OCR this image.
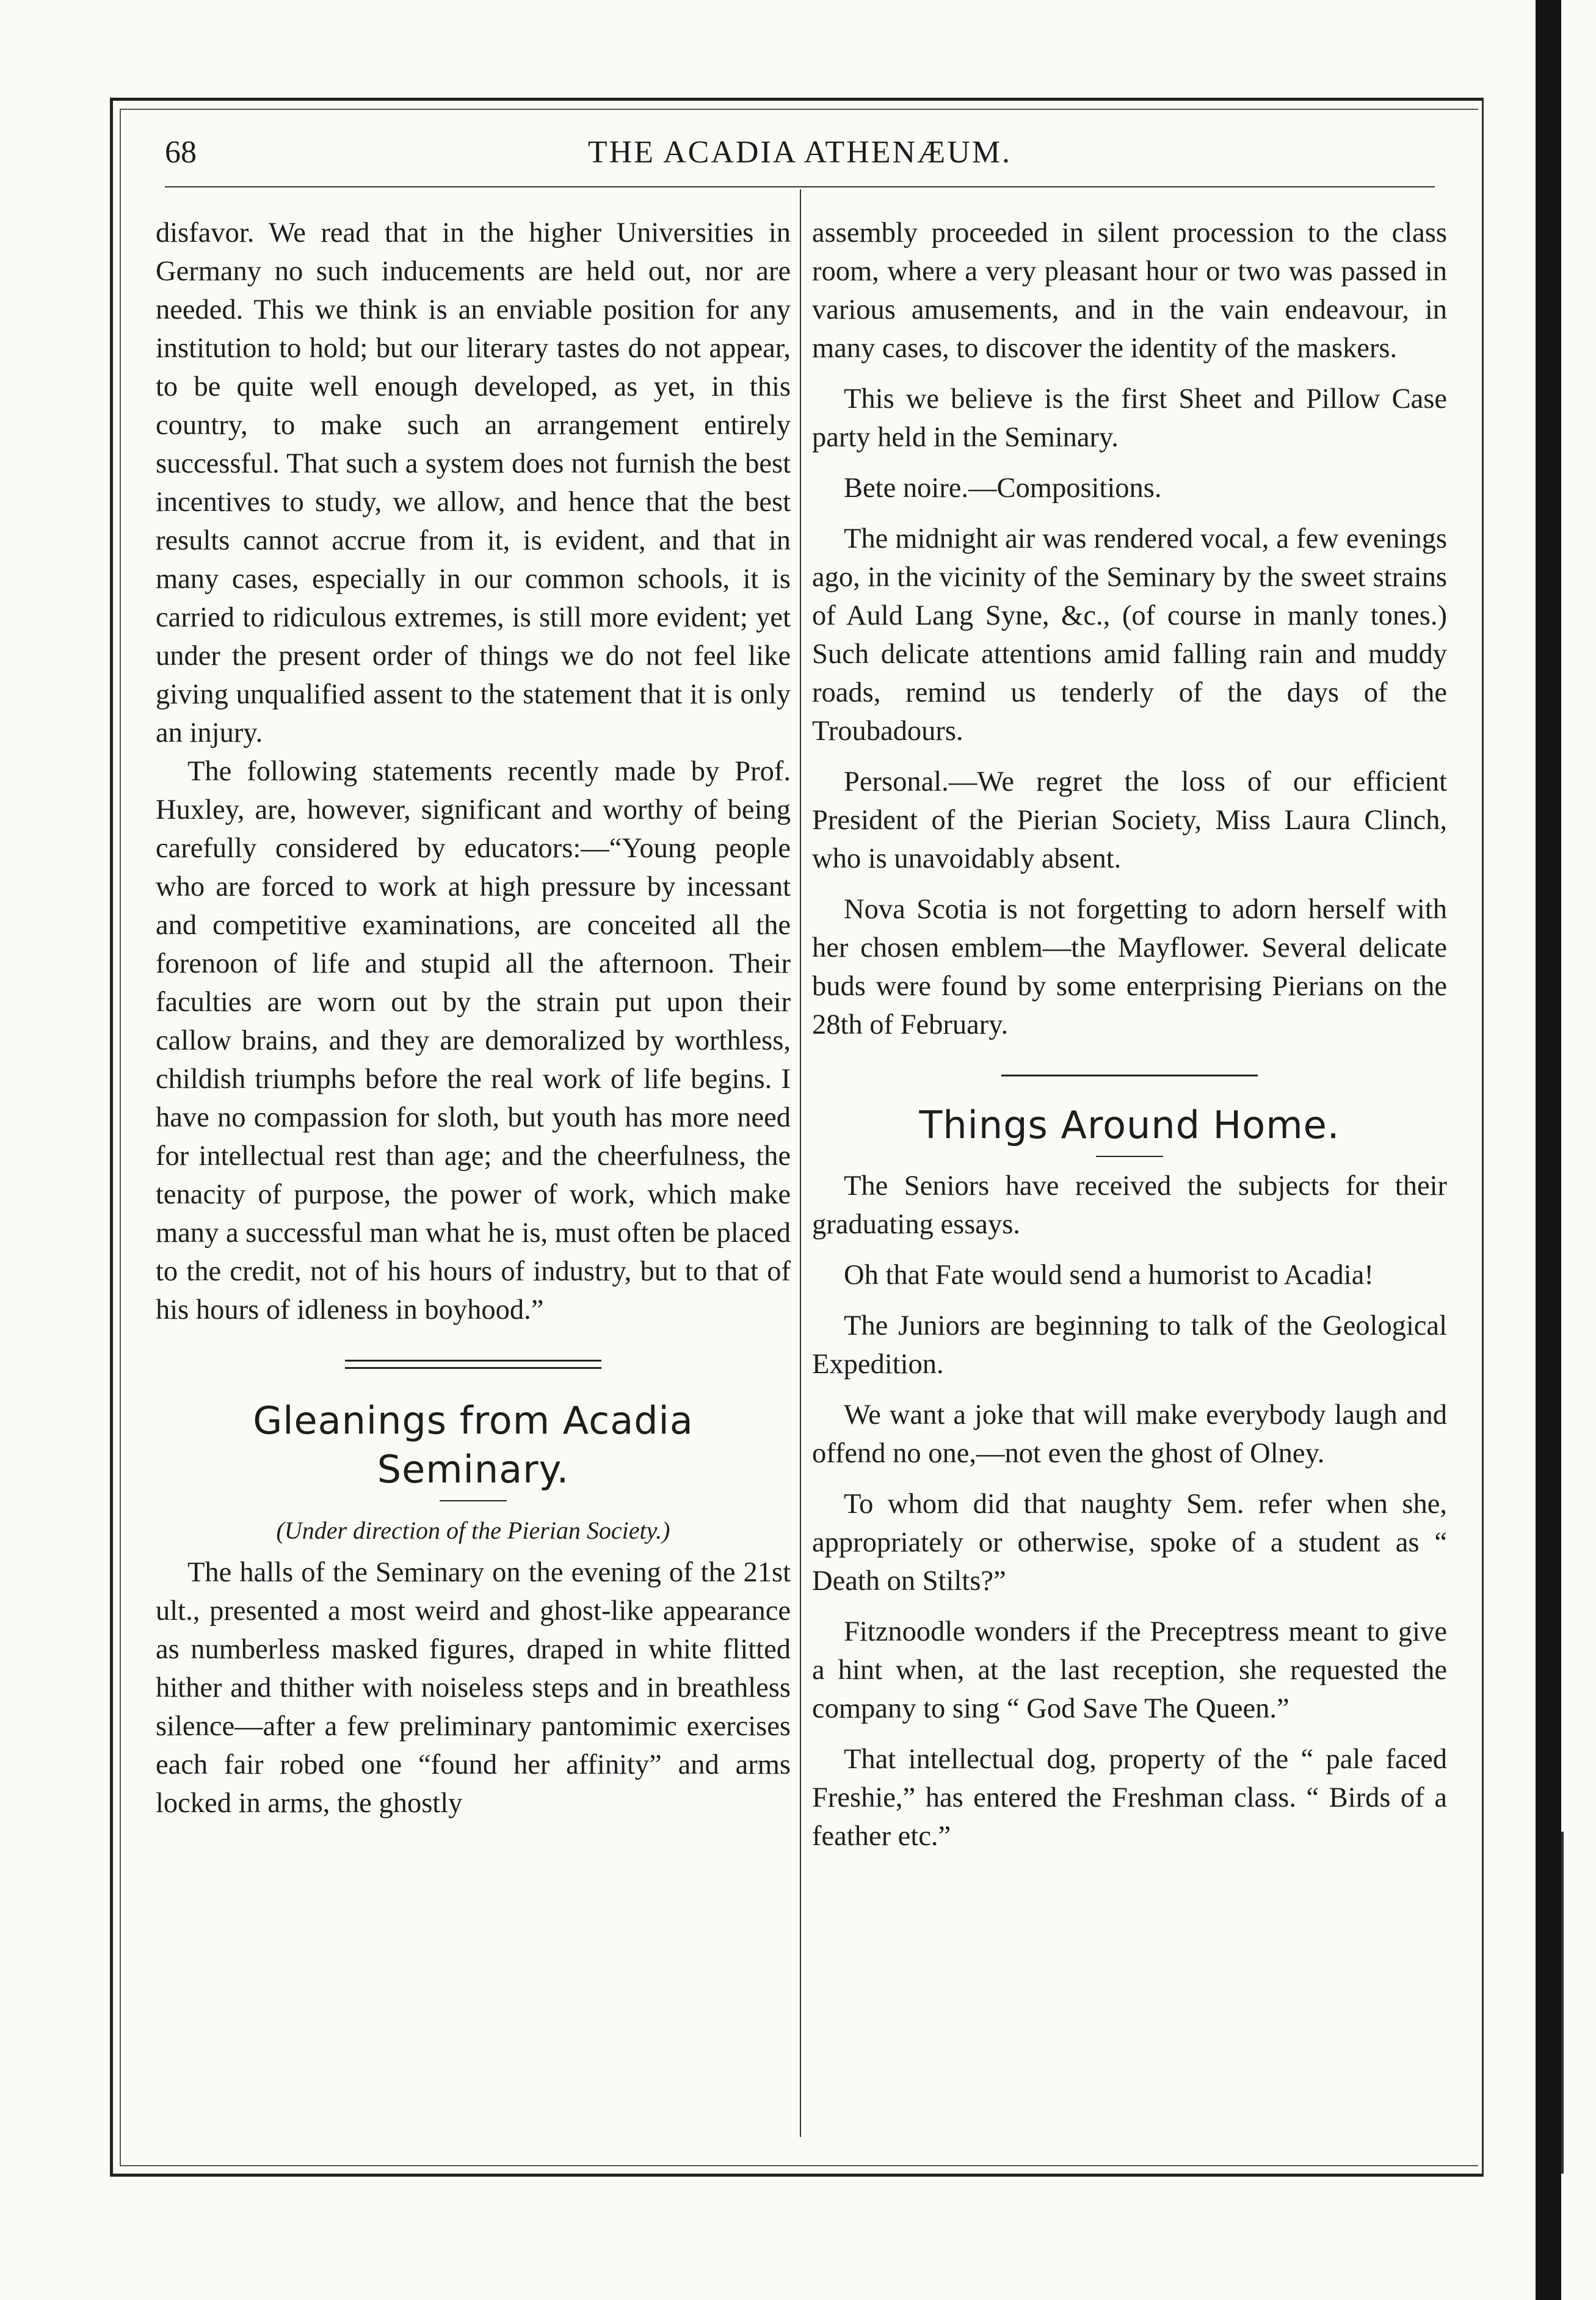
68	THE ACADIA ATHENÆUM.

disfavor. We read that in the higher Universities in Germany no such inducements are held out, nor are needed. This we think is an enviable position for any institution to hold; but our literary tastes do not appear, to be quite well enough developed, as yet, in this country, to make such an arrangement entirely successful. That such a system does not furnish the best incentives to study, we allow, and hence that the best results cannot accrue from it, is evident, and that in many cases, especially in our common schools, it is carried to ridiculous extremes, is still more evident; yet under the present order of things we do not feel like giving unqualified assent to the statement that it is only an injury.

The following statements recently made by Prof. Huxley, are, however, significant and worthy of being carefully considered by educators:—“Young people who are forced to work at high pressure by incessant and competitive examinations, are conceited all the forenoon of life and stupid all the afternoon. Their faculties are worn out by the strain put upon their callow brains, and they are demoralized by worthless, childish triumphs before the real work of life begins. I have no compassion for sloth, but youth has more need for intellectual rest than age; and the cheerfulness, the tenacity of purpose, the power of work, which make many a successful man what he is, must often be placed to the credit, not of his hours of industry, but to that of his hours of idleness in boyhood.”

Gleanings from Acadia Seminary.
(Under direction of the Pierian Society.)

The halls of the Seminary on the evening of the 21st ult., presented a most weird and ghost-like appearance as numberless masked figures, draped in white flitted hither and thither with noiseless steps and in breathless silence—after a few preliminary pantomimic exercises each fair robed one “found her affinity” and arms locked in arms, the ghostly

assembly proceeded in silent procession to the class room, where a very pleasant hour or two was passed in various amusements, and in the vain endeavour, in many cases, to discover the identity of the maskers.

This we believe is the first Sheet and Pillow Case party held in the Seminary.

Bete noire.—Compositions.

The midnight air was rendered vocal, a few evenings ago, in the vicinity of the Seminary by the sweet strains of Auld Lang Syne, &c., (of course in manly tones.) Such delicate attentions amid falling rain and muddy roads, remind us tenderly of the days of the Troubadours.

Personal.—We regret the loss of our efficient President of the Pierian Society, Miss Laura Clinch, who is unavoidably absent.

Nova Scotia is not forgetting to adorn herself with her chosen emblem—the Mayflower. Several delicate buds were found by some enterprising Pierians on the 28th of February.

Things Around Home.

The Seniors have received the subjects for their graduating essays.

Oh that Fate would send a humorist to Acadia!

The Juniors are beginning to talk of the Geological Expedition.

We want a joke that will make everybody laugh and offend no one,—not even the ghost of Olney.

To whom did that naughty Sem. refer when she, appropriately or otherwise, spoke of a student as “ Death on Stilts?”

Fitznoodle wonders if the Preceptress meant to give a hint when, at the last reception, she requested the company to sing “ God Save The Queen.”

That intellectual dog, property of the “ pale faced Freshie,” has entered the Freshman class. “ Birds of a feather etc.”
